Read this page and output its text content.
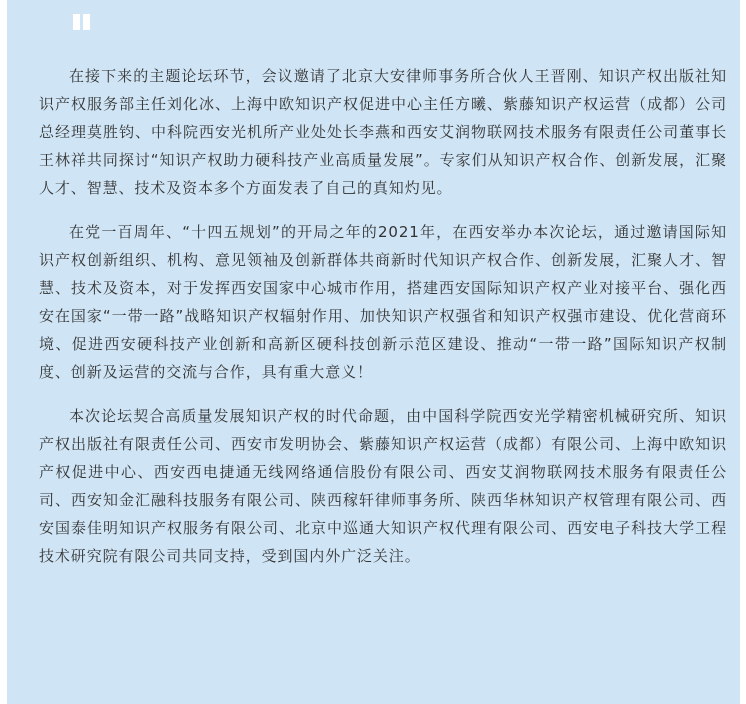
在接下来的主题论坛环节，会议邀请了北京大安律师事务所合伙人王晋刚、知识产权出版社知识产权服务部主任刘化冰、上海中欧知识产权促进中心主任方曦、紫藤知识产权运营（成都）公司总经理莫胜钧、中科院西安光机所产业处处长李燕和西安艾润物联网技术服务有限责任公司董事长王林祥共同探讨“知识产权助力硬科技产业高质量发展”。专家们从知识产权合作、创新发展，汇聚人才、智慧、技术及资本多个方面发表了自己的真知灼见。

在党一百周年、“十四五规划”的开局之年的2021年，在西安举办本次论坛，通过邀请国际知识产权创新组织、机构、意见领袖及创新群体共商新时代知识产权合作、创新发展，汇聚人才、智慧、技术及资本，对于发挥西安国家中心城市作用，搭建西安国际知识产权产业对接平台、强化西安在国家“一带一路”战略知识产权辐射作用、加快知识产权强省和知识产权强市建设、优化营商环境、促进西安硬科技产业创新和高新区硬科技创新示范区建设、推动“一带一路”国际知识产权制度、创新及运营的交流与合作，具有重大意义！

本次论坛契合高质量发展知识产权的时代命题，由中国科学院西安光学精密机械研究所、知识产权出版社有限责任公司、西安市发明协会、紫藤知识产权运营（成都）有限公司、上海中欧知识产权促进中心、西安西电捷通无线网络通信股份有限公司、西安艾润物联网技术服务有限责任公司、西安知金汇融科技服务有限公司、陕西稼轩律师事务所、陕西华林知识产权管理有限公司、西安国泰佳明知识产权服务有限公司、北京中巡通大知识产权代理有限公司、西安电子科技大学工程技术研究院有限公司共同支持，受到国内外广泛关注。
